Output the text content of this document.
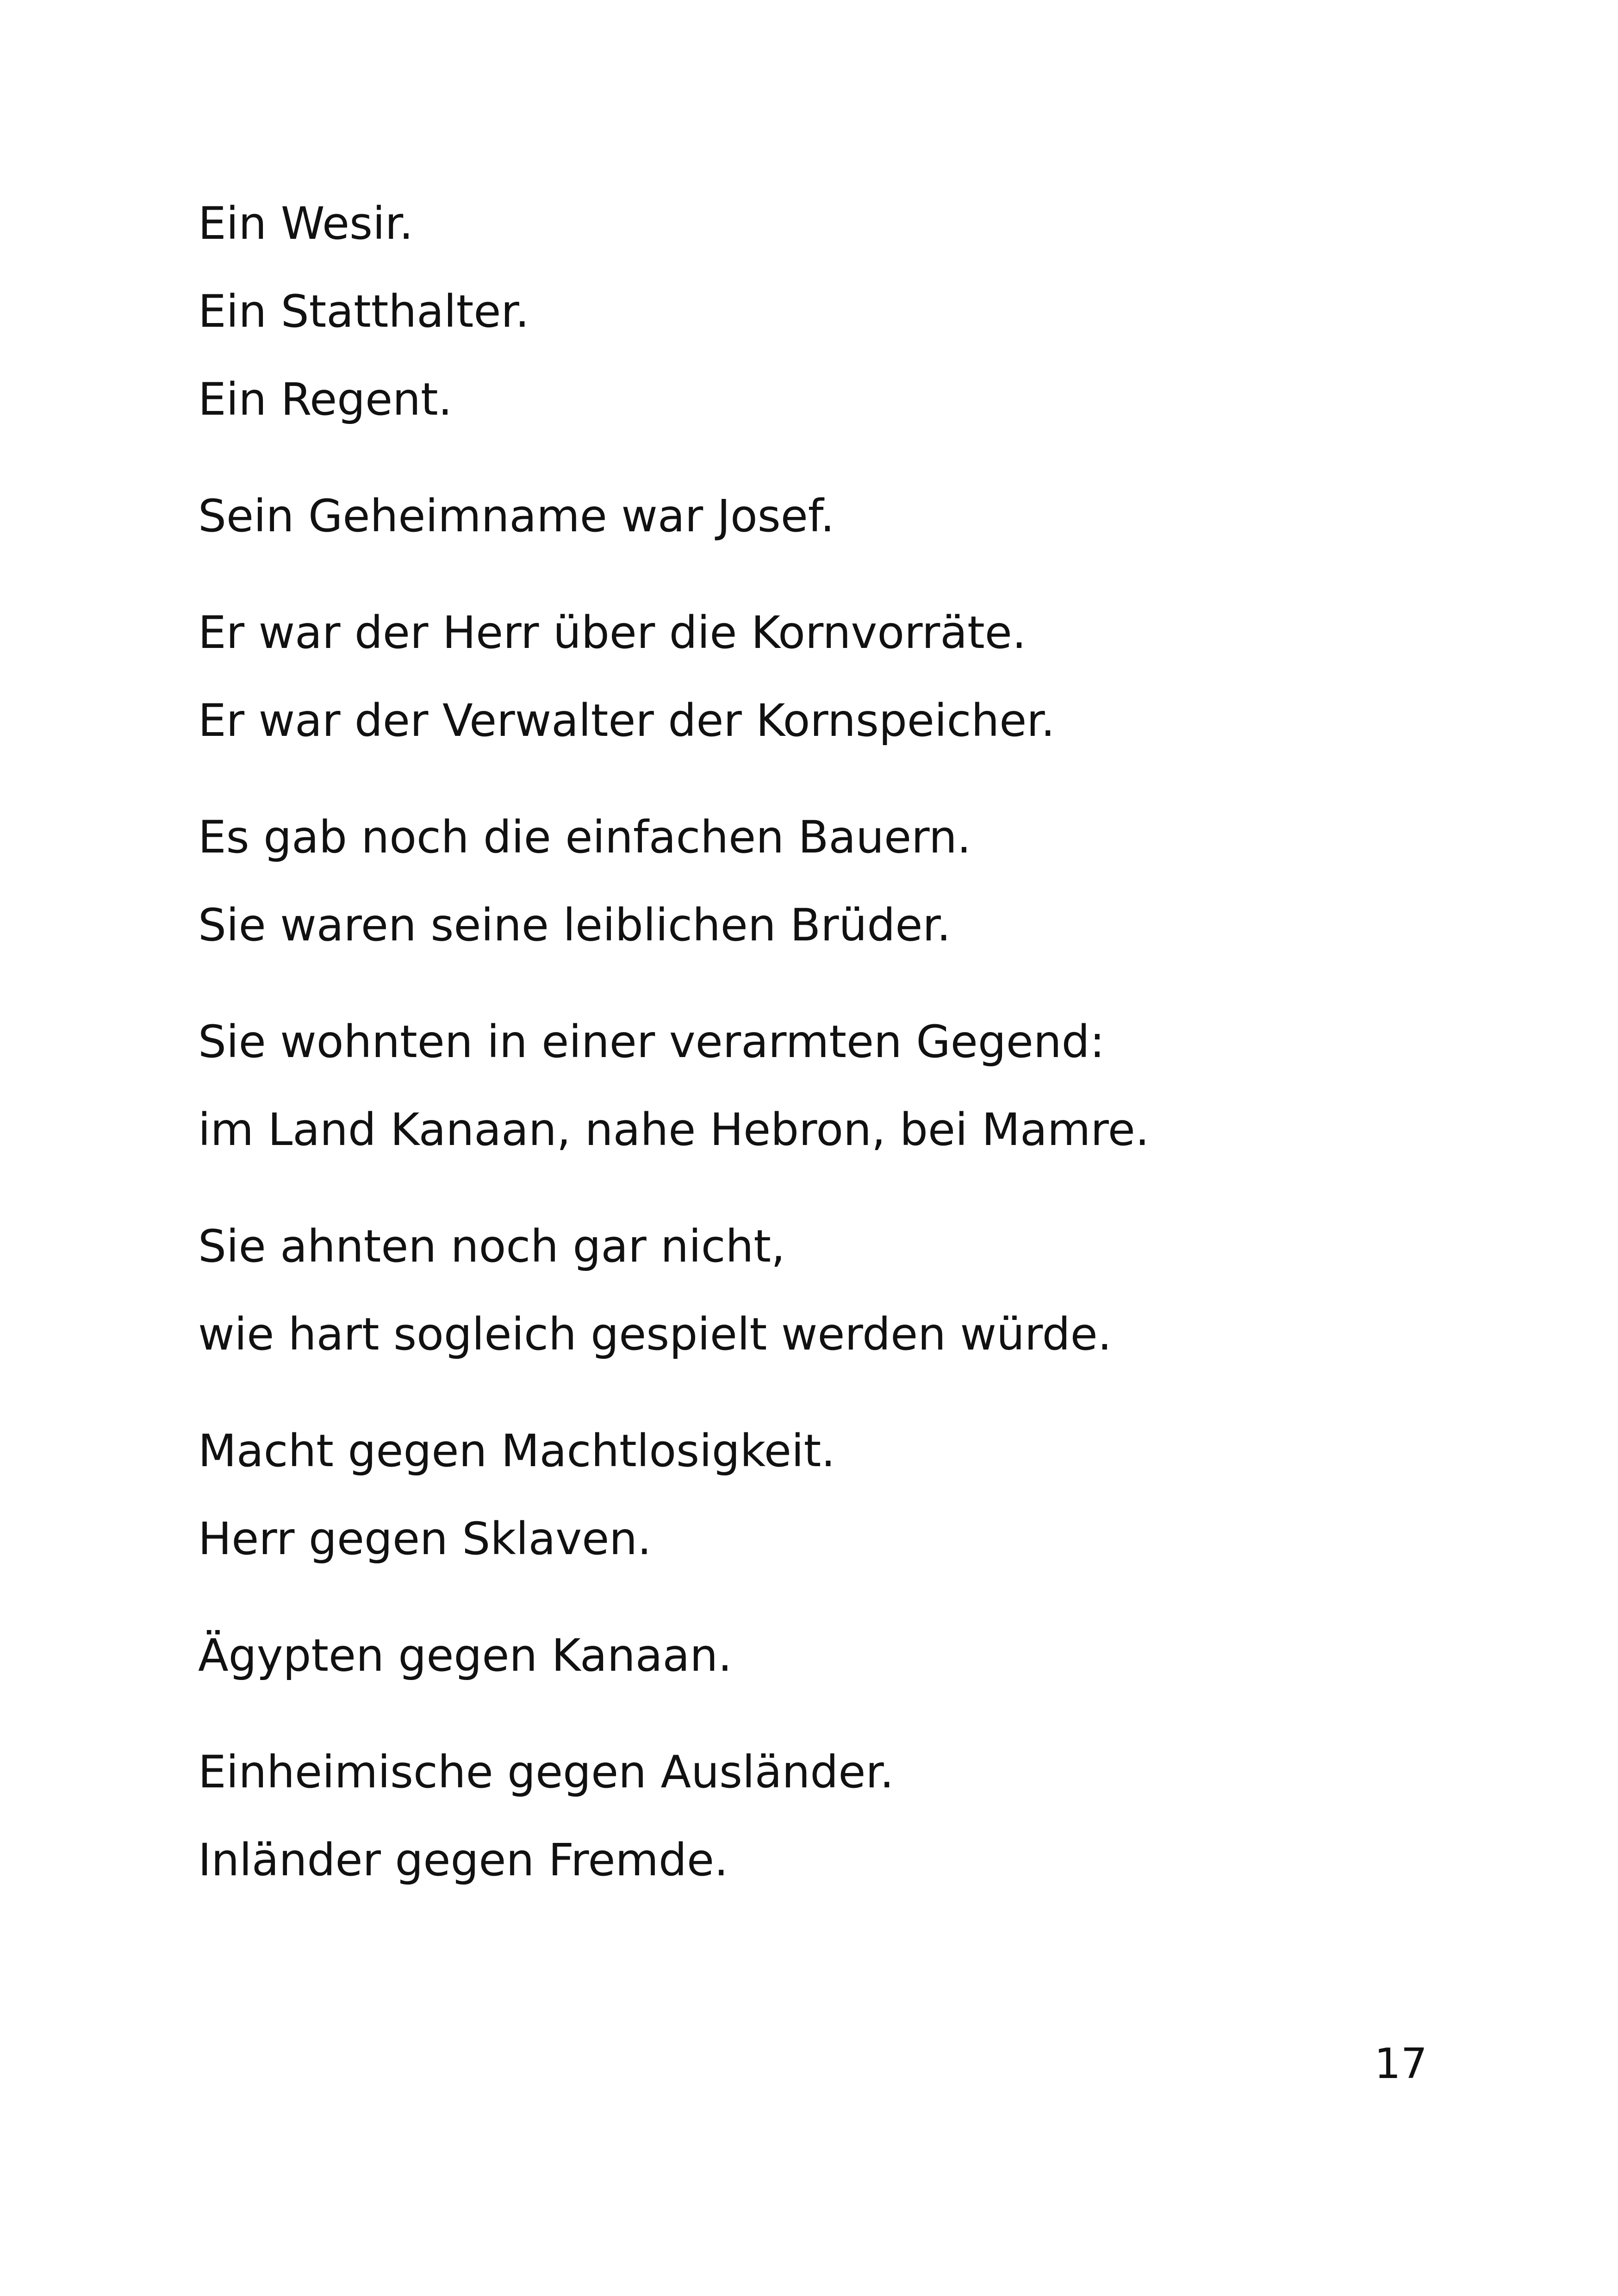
Ein Wesir.
Ein Statthalter.
Ein Regent.

Sein Geheimname war Josef.

Er war der Herr über die Kornvorräte.
Er war der Verwalter der Kornspeicher.

Es gab noch die einfachen Bauern.
Sie waren seine leiblichen Brüder.

Sie wohnten in einer verarmten Gegend:
im Land Kanaan, nahe Hebron, bei Mamre.

Sie ahnten noch gar nicht,
wie hart sogleich gespielt werden würde.

Macht gegen Machtlosigkeit.
Herr gegen Sklaven.

Ägypten gegen Kanaan.

Einheimische gegen Ausländer.
Inländer gegen Fremde.

17
